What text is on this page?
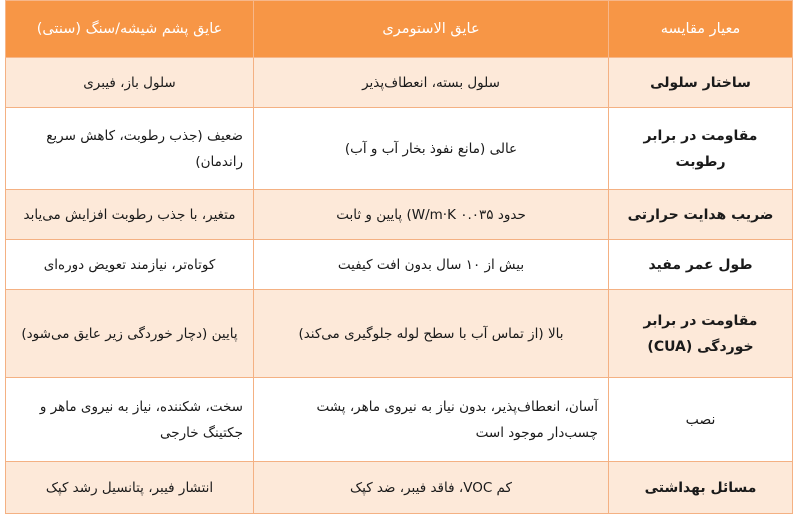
معیار مقایسه	عایق الاستومری	عایق پشم شیشه/سنگ (سنتی)
ساختار سلولی	سلول بسته، انعطاف‌پذیر	سلول باز، فیبری
مقاومت در برابر رطوبت	عالی (مانع نفوذ بخار آب و آب)	ضعیف (جذب رطوبت، کاهش سریع راندمان)
ضریب هدایت حرارتی	حدود ۰.۰۳۵ W/m·K) پایین و ثابت	متغیر، با جذب رطوبت افزایش می‌یابد
طول عمر مفید	بیش از ۱۰ سال بدون افت کیفیت	کوتاه‌تر، نیازمند تعویض دوره‌ای
مقاومت در برابر خوردگی (CUA)	بالا (از تماس آب با سطح لوله جلوگیری می‌کند)	پایین (دچار خوردگی زیر عایق می‌شود)
نصب	آسان، انعطاف‌پذیر، بدون نیاز به نیروی ماهر، پشت چسب‌دار موجود است	سخت، شکننده، نیاز به نیروی ماهر و جکتینگ خارجی
مسائل بهداشتی	کم VOC، فاقد فیبر، ضد کپک	انتشار فیبر، پتانسیل رشد کپک
